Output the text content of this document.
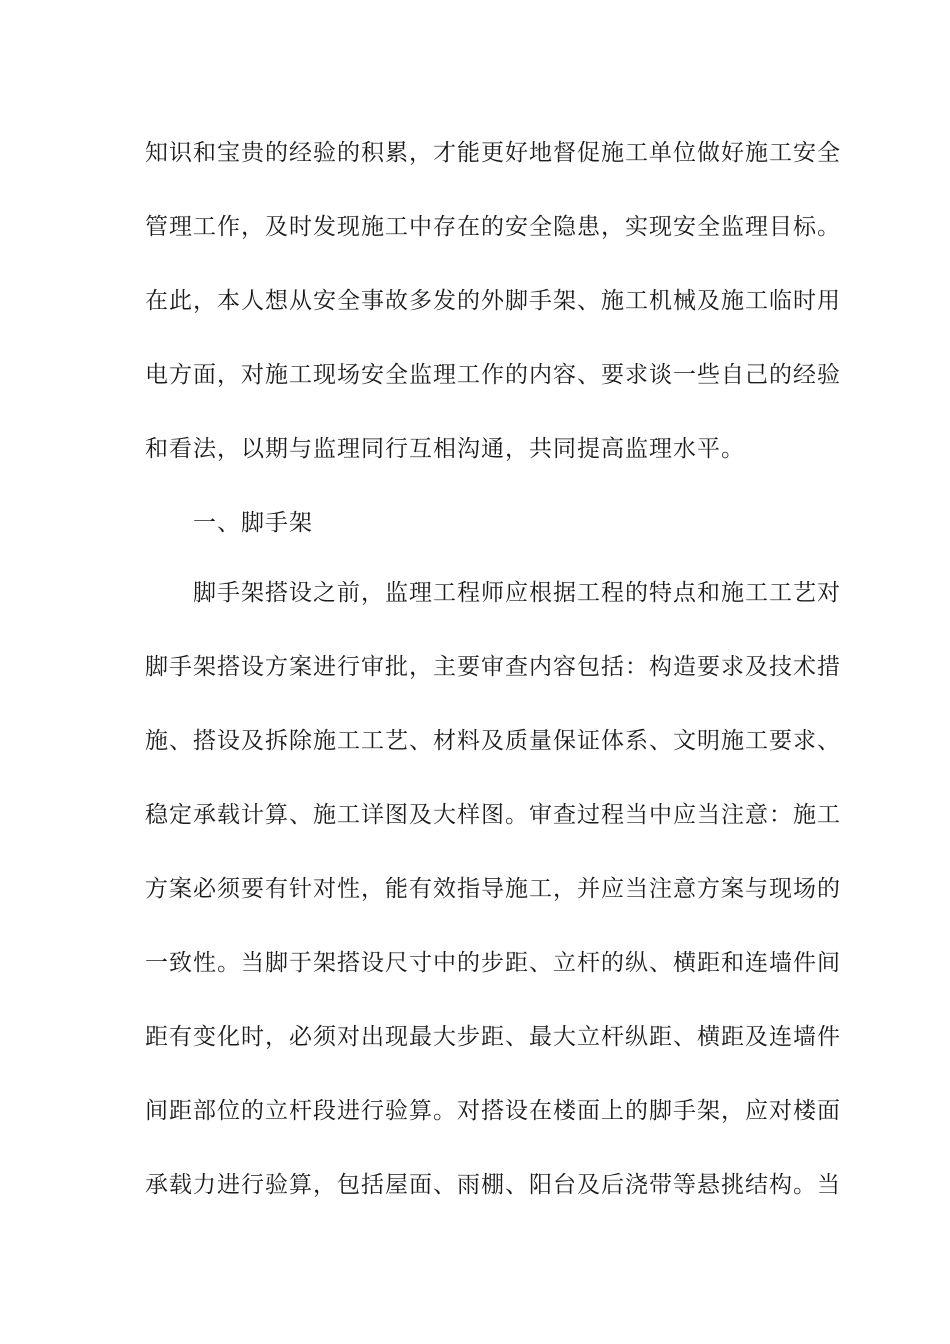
知识和宝贵的经验的积累，才能更好地督促施工单位做好施工安全
管理工作，及时发现施工中存在的安全隐患，实现安全监理目标。
在此，本人想从安全事故多发的外脚手架、施工机械及施工临时用
电方面，对施工现场安全监理工作的内容、要求谈一些自己的经验
和看法，以期与监理同行互相沟通，共同提高监理水平。
一、脚手架
脚手架搭设之前，监理工程师应根据工程的特点和施工工艺对
脚手架搭设方案进行审批，主要审查内容包括：构造要求及技术措
施、搭设及拆除施工工艺、材料及质量保证体系、文明施工要求、
稳定承载计算、施工详图及大样图。审查过程当中应当注意：施工
方案必须要有针对性，能有效指导施工，并应当注意方案与现场的
一致性。当脚于架搭设尺寸中的步距、立杆的纵、横距和连墙件间
距有变化时，必须对出现最大步距、最大立杆纵距、横距及连墙件
间距部位的立杆段进行验算。对搭设在楼面上的脚手架，应对楼面
承载力进行验算，包括屋面、雨棚、阳台及后浇带等悬挑结构。当
